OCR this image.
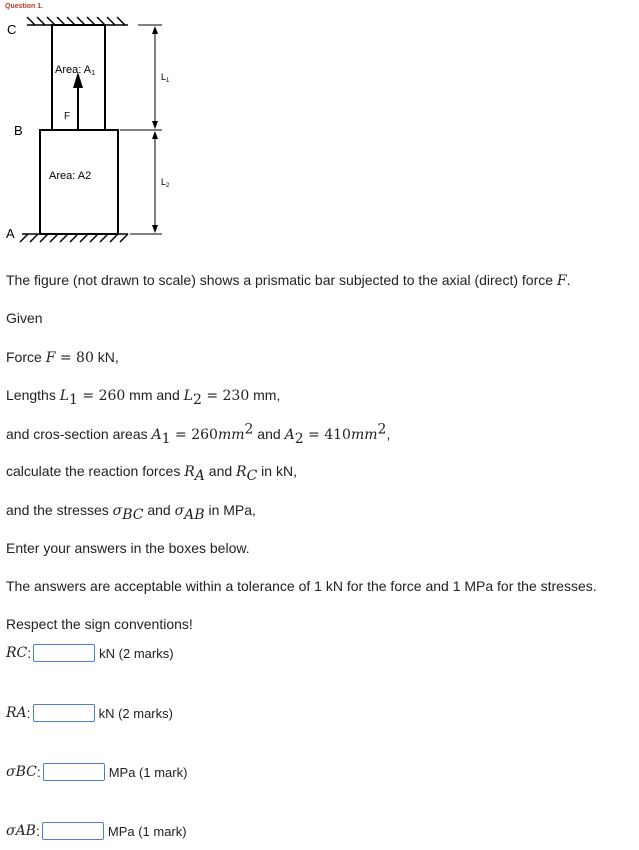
Question 1.
C
B
A
Area: A1
F
Area: A2
$L_1$
$L_2$

The figure (not drawn to scale) shows a prismatic bar subjected to the axial (direct) force F.

Given

Force F = 80 kN,

Lengths $L_1 = 260$ mm and $L_2 = 230$ mm,

and cros-section areas $A_1 = 260mm^2$ and $A_2 = 410mm^2$,

calculate the reaction forces $R_A$ and $R_C$ in kN,

and the stresses $\sigma_{BC}$ and $\sigma_{AB}$ in MPa,

Enter your answers in the boxes below.

The answers are acceptable within a tolerance of 1 kN for the force and 1 MPa for the stresses.

Respect the sign conventions!

R C :	kN (2 marks)
R A :	kN (2 marks)
σ BC :	MPa (1 mark)
σ AB :	MPa (1 mark)
